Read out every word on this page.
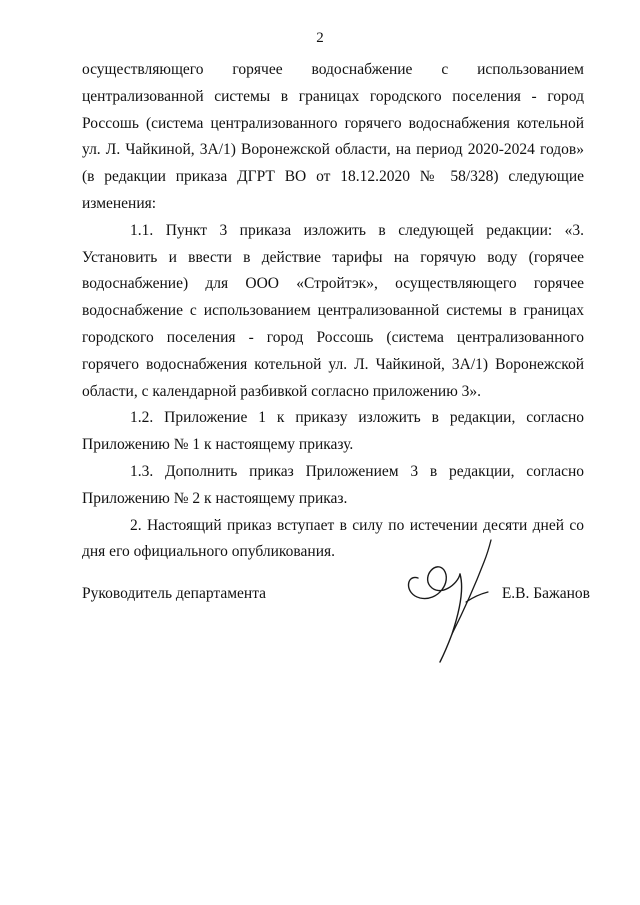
2

осуществляющего горячее водоснабжение с использованием централизованной системы в границах городского поселения - город Россошь (система централизованного горячего водоснабжения котельной ул. Л. Чайкиной, 3А/1) Воронежской области, на период 2020-2024 годов» (в редакции приказа ДГРТ ВО от 18.12.2020 № 58/328) следующие изменения:

1.1. Пункт 3 приказа изложить в следующей редакции: «3. Установить и ввести в действие тарифы на горячую воду (горячее водоснабжение) для ООО «Стройтэк», осуществляющего горячее водоснабжение с использованием централизованной системы в границах городского поселения - город Россошь (система централизованного горячего водоснабжения котельной ул. Л. Чайкиной, 3А/1) Воронежской области, с календарной разбивкой согласно приложению 3».

1.2. Приложение 1 к приказу изложить в редакции, согласно Приложению № 1 к настоящему приказу.

1.3. Дополнить приказ Приложением 3 в редакции, согласно Приложению № 2 к настоящему приказ.

2. Настоящий приказ вступает в силу по истечении десяти дней со дня его официального опубликования.

Руководитель департамента	Е.В. Бажанов
